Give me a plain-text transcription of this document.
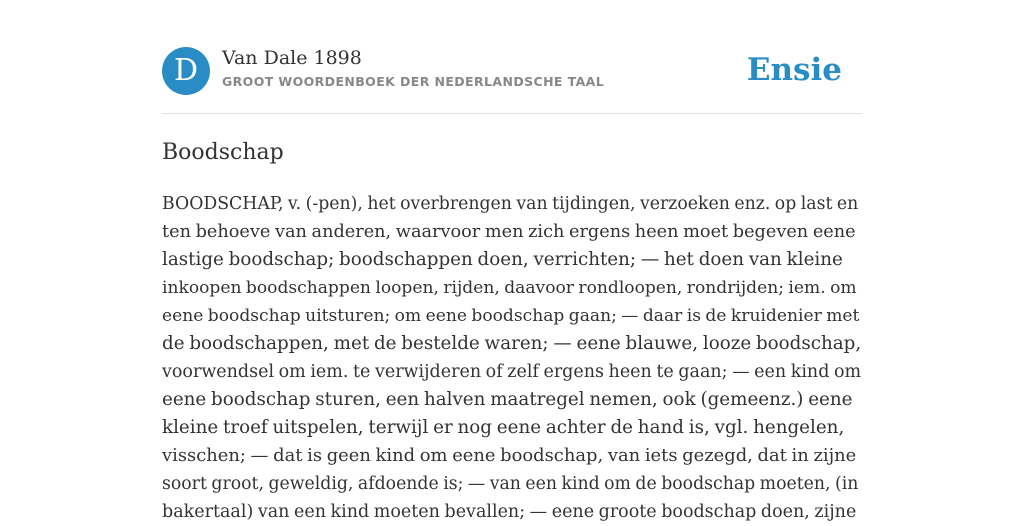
D	Van Dale 1898
GROOT WOORDENBOEK DER NEDERLANDSCHE TAAL	Ensie
Boodschap

BOODSCHAP, v. (-pen), het overbrengen van tijdingen, verzoeken enz. op last en
ten behoeve van anderen, waarvoor men zich ergens heen moet begeven eene
lastige boodschap; boodschappen doen, verrichten; — het doen van kleine
inkoopen boodschappen loopen, rijden, daavoor rondloopen, rondrijden; iem. om
eene boodschap uitsturen; om eene boodschap gaan; — daar is de kruidenier met
de boodschappen, met de bestelde waren; — eene blauwe, looze boodschap,
voorwendsel om iem. te verwijderen of zelf ergens heen te gaan; — een kind om
eene boodschap sturen, een halven maatregel nemen, ook (gemeenz.) eene
kleine troef uitspelen, terwijl er nog eene achter de hand is, vgl. hengelen,
visschen; — dat is geen kind om eene boodschap, van iets gezegd, dat in zijne
soort groot, geweldig, afdoende is; — van een kind om de boodschap moeten, (in
bakertaal) van een kind moeten bevallen; — eene groote boodschap doen, zijne
